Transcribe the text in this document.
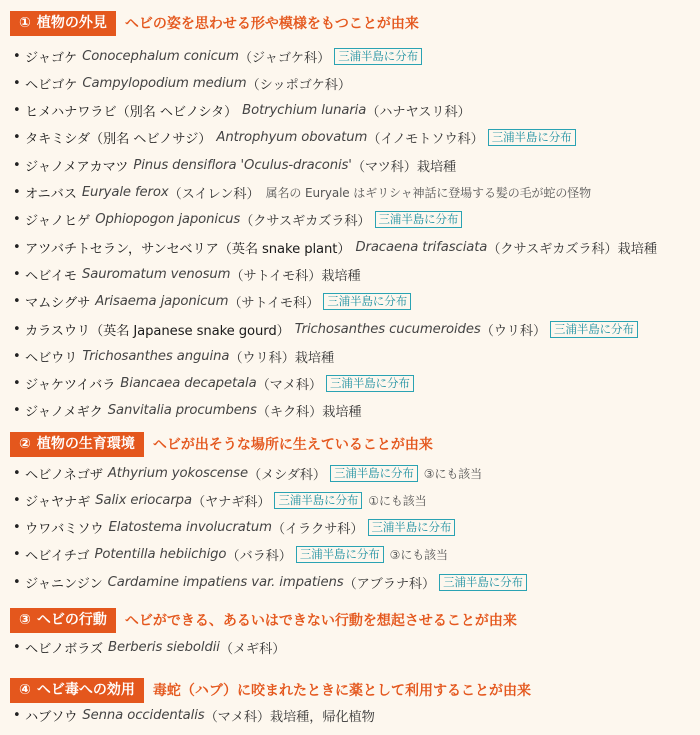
① 植物の外見 ヘビの姿を思わせる形や模様をもつことが由来
• ジャゴケ Conocephalum conicum （ジャゴケ科） 三浦半島に分布
• ヘビゴケ Campylopodium medium （シッポゴケ科）
• ヒメハナワラビ（別名 ヘビノシタ） Botrychium lunaria （ハナヤスリ科）
• タキミシダ（別名 ヘビノサジ） Antrophyum obovatum （イノモトソウ科） 三浦半島に分布
• ジャノメアカマツ Pinus densiflora 'Oculus-draconis' （マツ科）栽培種
• オニバス Euryale ferox （スイレン科） 属名の Euryale はギリシャ神話に登場する髪の毛が蛇の怪物
• ジャノヒゲ Ophiopogon japonicus （クサスギカズラ科） 三浦半島に分布
• アツバチトセラン，サンセベリア（英名 snake plant） Dracaena trifasciata （クサスギカズラ科）栽培種
• ヘビイモ Sauromatum venosum （サトイモ科）栽培種
• マムシグサ Arisaema japonicum （サトイモ科） 三浦半島に分布
• カラスウリ（英名 Japanese snake gourd） Trichosanthes cucumeroides （ウリ科） 三浦半島に分布
• ヘビウリ Trichosanthes anguina （ウリ科）栽培種
• ジャケツイバラ Biancaea decapetala （マメ科） 三浦半島に分布
• ジャノメギク Sanvitalia procumbens （キク科）栽培種
② 植物の生育環境 ヘビが出そうな場所に生えていることが由来
• ヘビノネゴザ Athyrium yokoscense （メシダ科） 三浦半島に分布 ③にも該当
• ジャヤナギ Salix eriocarpa （ヤナギ科） 三浦半島に分布 ①にも該当
• ウワバミソウ Elatostema involucratum （イラクサ科） 三浦半島に分布
• ヘビイチゴ Potentilla hebiichigo （バラ科） 三浦半島に分布 ③にも該当
• ジャニンジン Cardamine impatiens var. impatiens （アブラナ科） 三浦半島に分布
③ ヘビの行動 ヘビができる、あるいはできない行動を想起させることが由来
• ヘビノボラズ Berberis sieboldii （メギ科）
④ ヘビ毒への効用 毒蛇（ハブ）に咬まれたときに薬として利用することが由来
• ハブソウ Senna occidentalis （マメ科）栽培種，帰化植物
